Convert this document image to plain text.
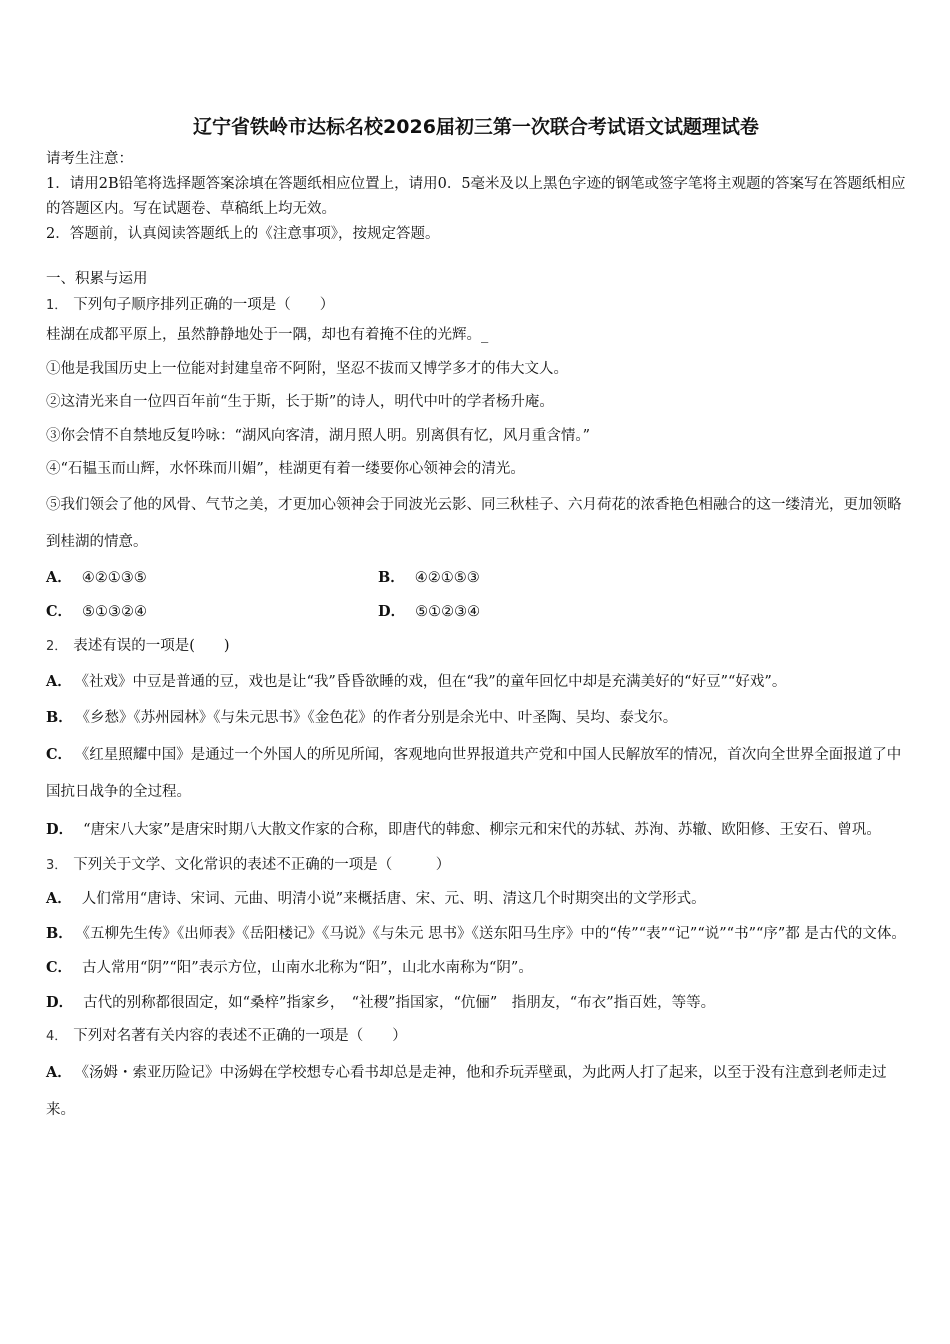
辽宁省铁岭市达标名校2026届初三第一次联合考试语文试题理试卷

请考生注意：

1．请用2B铅笔将选择题答案涂填在答题纸相应位置上，请用0．5毫米及以上黑色字迹的钢笔或签字笔将主观题的答案写在答题纸相应的答题区内。写在试题卷、草稿纸上均无效。

2．答题前，认真阅读答题纸上的《注意事项》，按规定答题。

一、积累与运用

1． 下列句子顺序排列正确的一项是（　　）

桂湖在成都平原上，虽然静静地处于一隅，却也有着掩不住的光辉。_

①他是我国历史上一位能对封建皇帝不阿附，坚忍不拔而又博学多才的伟大文人。

②这清光来自一位四百年前“生于斯，长于斯”的诗人，明代中叶的学者杨升庵。

③你会情不自禁地反复吟咏：“湖风向客清，湖月照人明。别离俱有忆，风月重含情。”

④“石韫玉而山辉，水怀珠而川媚”，桂湖更有着一缕要你心领神会的清光。

⑤我们领会了他的风骨、气节之美，才更加心领神会于同波光云影、同三秋桂子、六月荷花的浓香艳色相融合的这一缕清光，更加领略到桂湖的情意。

A． ④②①③⑤	B． ④②①⑤③
C． ⑤①③②④	D． ⑤①②③④

2． 表述有误的一项是(　　)

A． 《社戏》中豆是普通的豆，戏也是让“我”昏昏欲睡的戏，但在“我”的童年回忆中却是充满美好的“好豆”“好戏”。

B． 《乡愁》《苏州园林》《与朱元思书》《金色花》的作者分别是余光中、叶圣陶、吴均、泰戈尔。

C． 《红星照耀中国》是通过一个外国人的所见所闻，客观地向世界报道共产党和中国人民解放军的情况，首次向全世界全面报道了中国抗日战争的全过程。

D． “唐宋八大家”是唐宋时期八大散文作家的合称，即唐代的韩愈、柳宗元和宋代的苏轼、苏洵、苏辙、欧阳修、王安石、曾巩。

3． 下列关于文学、文化常识的表述不正确的一项是（　　　）

A． 人们常用“唐诗、宋词、元曲、明清小说”来概括唐、宋、元、明、清这几个时期突出的文学形式。

B． 《五柳先生传》《出师表》《岳阳楼记》《马说》《与朱元 思书》《送东阳马生序》中的“传”“表”“记”“说”“书”“序”都 是古代的文体。

C． 古人常用“阴”“阳”表示方位，山南水北称为“阳”，山北水南称为“阴”。

D． 古代的别称都很固定，如“桑梓”指家乡，　“社稷”指国家，“伉俪”　指朋友，“布衣”指百姓，等等。

4． 下列对名著有关内容的表述不正确的一项是（　　）

A． 《汤姆・索亚历险记》中汤姆在学校想专心看书却总是走神，他和乔玩弄壁虱，为此两人打了起来，以至于没有注意到老师走过来。
